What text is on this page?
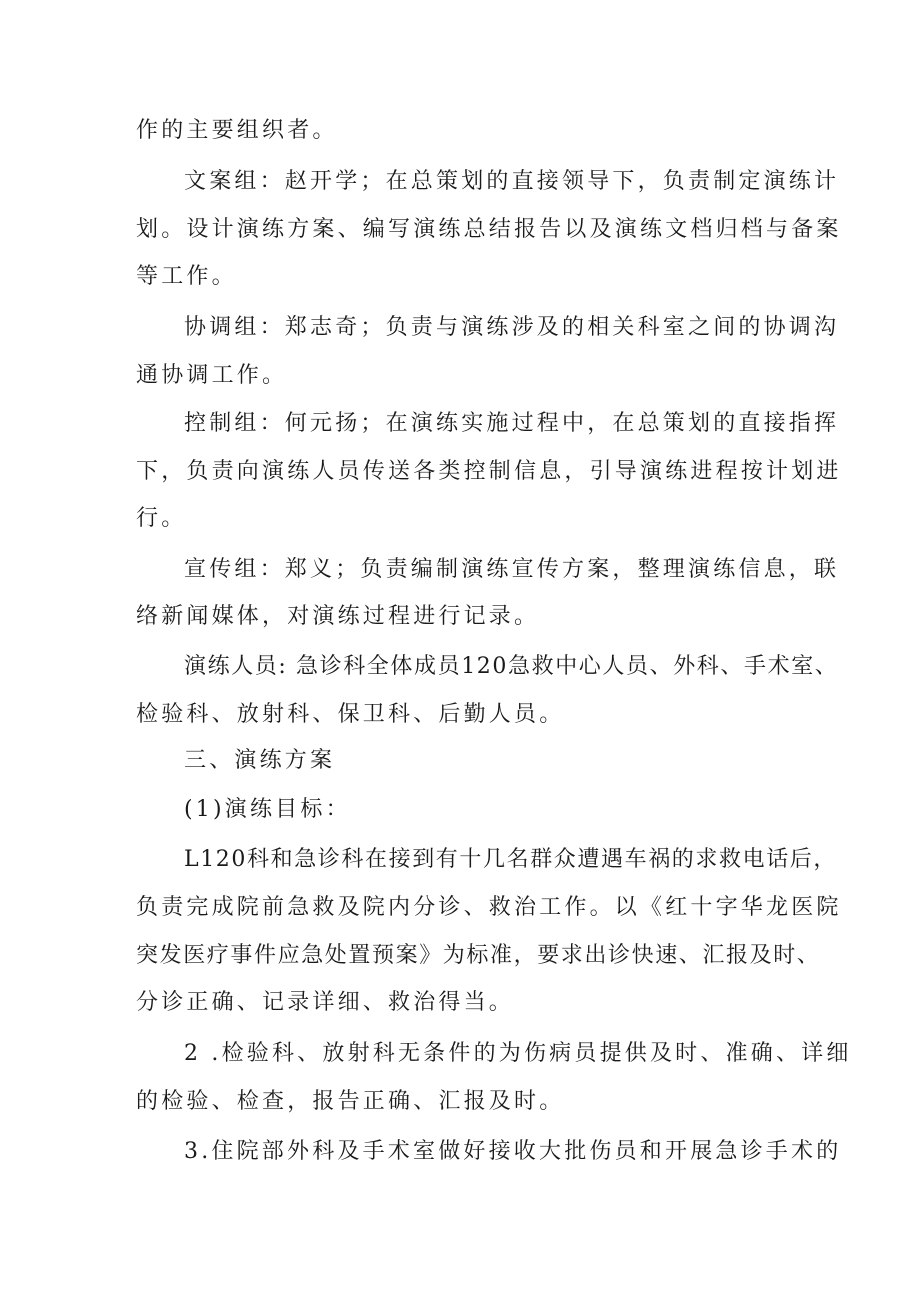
作的主要组织者。
文案组：赵开学；在总策划的直接领导下，负责制定演练计
划。设计演练方案、编写演练总结报告以及演练文档归档与备案
等工作。
协调组：郑志奇；负责与演练涉及的相关科室之间的协调沟
通协调工作。
控制组：何元扬；在演练实施过程中，在总策划的直接指挥
下，负责向演练人员传送各类控制信息，引导演练进程按计划进
行。
宣传组：郑义；负责编制演练宣传方案，整理演练信息，联
络新闻媒体，对演练过程进行记录。
演练人员: 急诊科全体成员120急救中心人员、外科、手术室、
检验科、放射科、保卫科、后勤人员。
三、演练方案
(1)演练目标：
L120科和急诊科在接到有十几名群众遭遇车祸的求救电话后，
负责完成院前急救及院内分诊、救治工作。以《红十字华龙医院
突发医疗事件应急处置预案》为标准，要求出诊快速、汇报及时、
分诊正确、记录详细、救治得当。
2 .检验科、放射科无条件的为伤病员提供及时、准确、详细
的检验、检查，报告正确、汇报及时。
3.住院部外科及手术室做好接收大批伤员和开展急诊手术的
